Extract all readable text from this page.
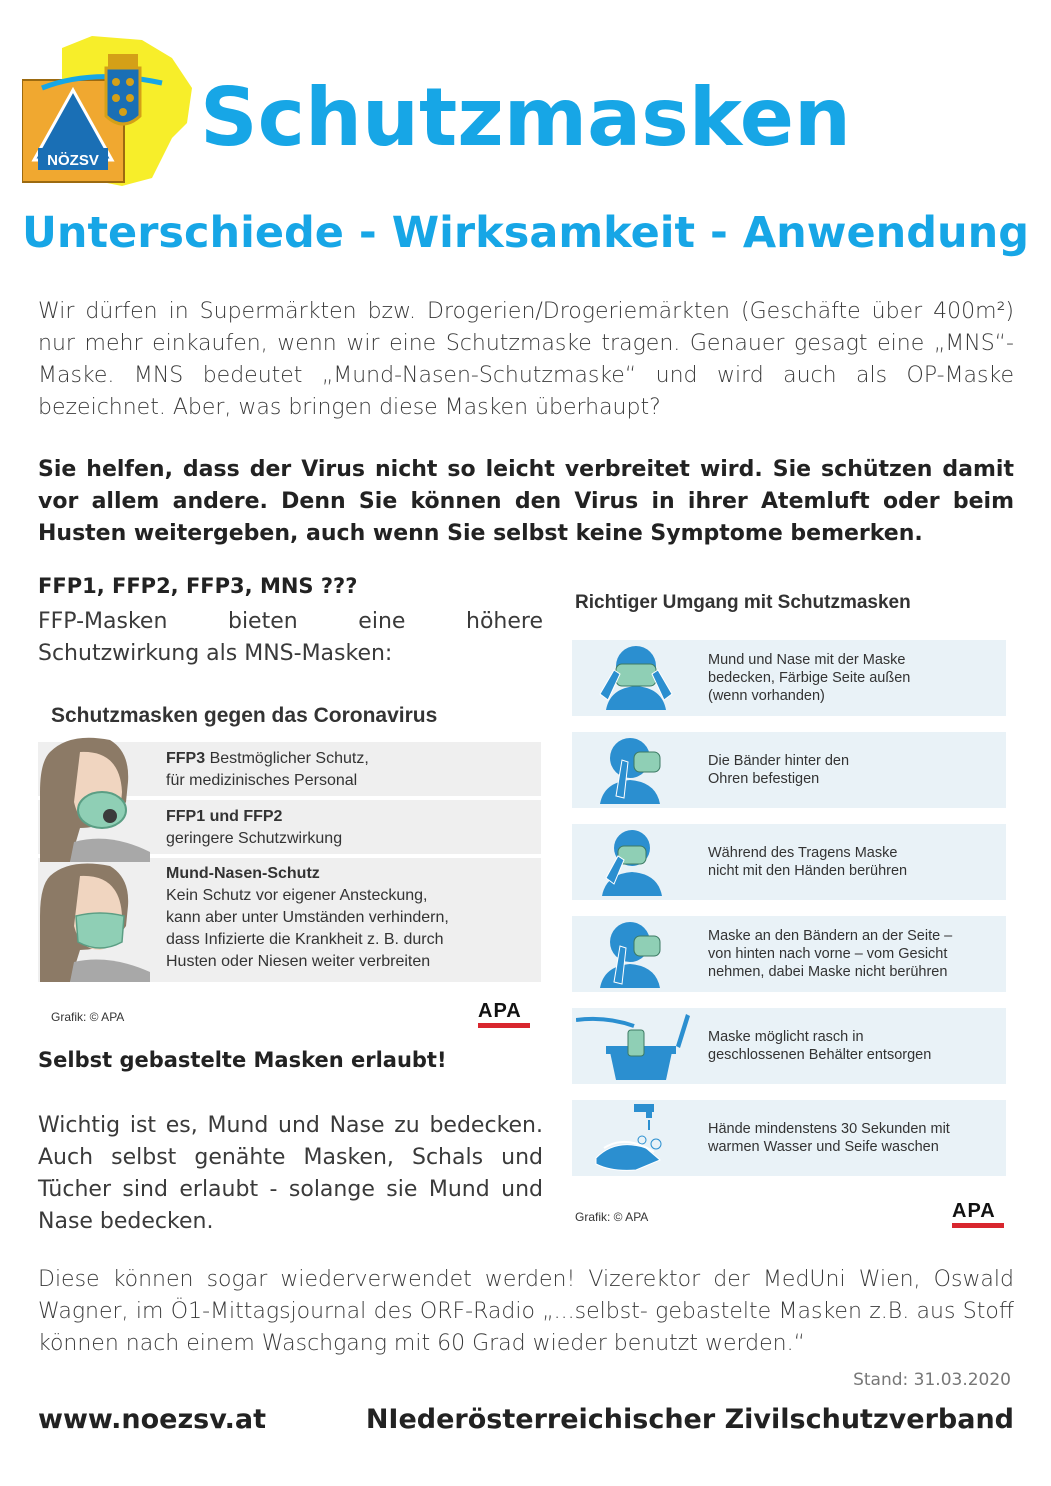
NÖZSV Schutzmasken
Unterschiede - Wirksamkeit - Anwendung
Wir dürfen in Supermärkten bzw. Drogerien/Drogeriemärkten (Geschäfte über 400m²) nur mehr einkaufen, wenn wir eine Schutzmaske tragen. Genauer gesagt eine „MNS“-Maske. MNS bedeutet „Mund-Nasen-Schutzmaske“ und wird auch als OP-Maske bezeichnet. Aber, was bringen diese Masken überhaupt?
Sie helfen, dass der Virus nicht so leicht verbreitet wird. Sie schützen damit vor allem andere. Denn Sie können den Virus in ihrer Atemluft oder beim Husten weitergeben, auch wenn Sie selbst keine Symptome bemerken.
FFP1, FFP2, FFP3, MNS ???
FFP-Masken bieten eine höhere Schutzwirkung als MNS-Masken:
Schutzmasken gegen das Coronavirus
FFP3 Bestmöglicher Schutz,
für medizinisches Personal
FFP1 und FFP2
geringere Schutzwirkung
Mund-Nasen-Schutz
Kein Schutz vor eigener Ansteckung,
kann aber unter Umständen verhindern,
dass Infizierte die Krankheit z. B. durch
Husten oder Niesen weiter verbreiten
Grafik: © APA	APA
Selbst gebastelte Masken erlaubt!
Wichtig ist es, Mund und Nase zu bedecken. Auch selbst genähte Masken, Schals und Tücher sind erlaubt - solange sie Mund und Nase bedecken.
Richtiger Umgang mit Schutzmasken
Mund und Nase mit der Maske
bedecken, Färbige Seite außen
(wenn vorhanden)
Die Bänder hinter den
Ohren befestigen
Während des Tragens Maske
nicht mit den Händen berühren
Maske an den Bändern an der Seite –
von hinten nach vorne – vom Gesicht
nehmen, dabei Maske nicht berühren
Maske möglicht rasch in
geschlossenen Behälter entsorgen
Hände mindenstens 30 Sekunden mit
warmen Wasser und Seife waschen
Grafik: © APA	APA
Diese können sogar wiederverwendet werden! Vizerektor der MedUni Wien, Oswald Wagner, im Ö1-Mittagsjournal des ORF-Radio „...selbst- gebastelte Masken z.B. aus Stoff können nach einem Waschgang mit 60 Grad wieder benutzt werden.“
Stand: 31.03.2020
www.noezsv.at	NIederösterreichischer Zivilschutzverband
